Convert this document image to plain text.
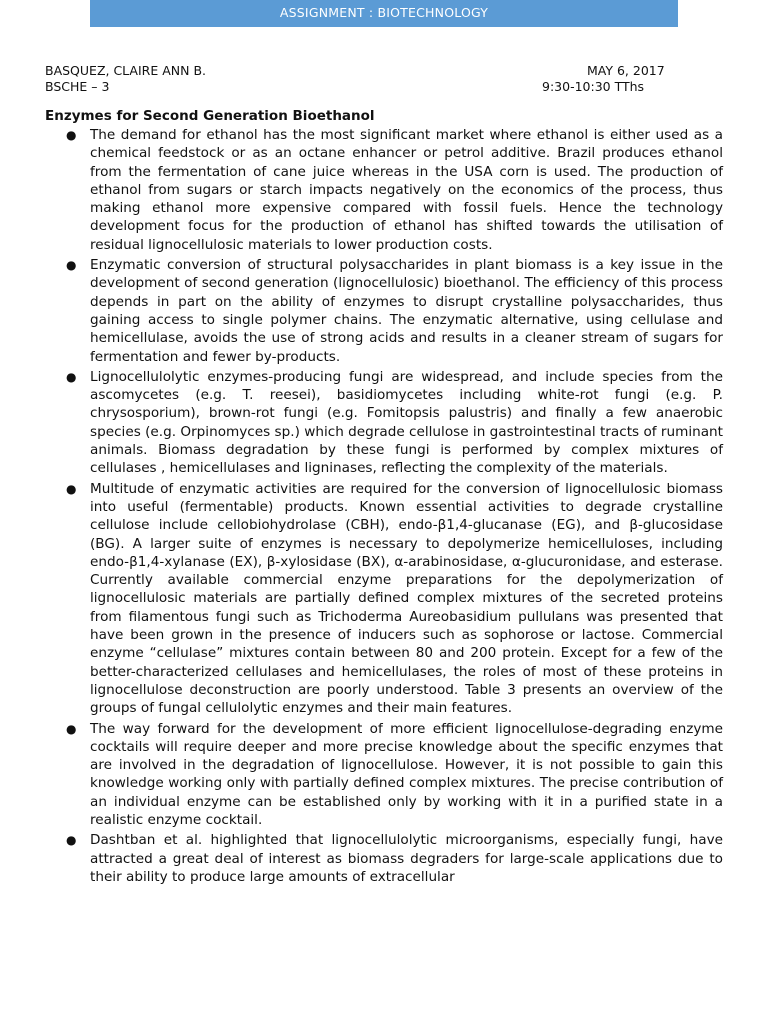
ASSIGNMENT : BIOTECHNOLOGY
BASQUEZ, CLAIRE ANN B.	MAY 6, 2017
BSCHE – 3	9:30-10:30 TThs
Enzymes for Second Generation Bioethanol
● The demand for ethanol has the most significant market where ethanol is either used as a chemical feedstock or as an octane enhancer or petrol additive. Brazil produces ethanol from the fermentation of cane juice whereas in the USA corn is used. The production of ethanol from sugars or starch impacts negatively on the economics of the process, thus making ethanol more expensive compared with fossil fuels. Hence the technology development focus for the production of ethanol has shifted towards the utilisation of residual lignocellulosic materials to lower production costs.
● Enzymatic conversion of structural polysaccharides in plant biomass is a key issue in the development of second generation (lignocellulosic) bioethanol. The efficiency of this process depends in part on the ability of enzymes to disrupt crystalline polysaccharides, thus gaining access to single polymer chains. The enzymatic alternative, using cellulase and hemicellulase, avoids the use of strong acids and results in a cleaner stream of sugars for fermentation and fewer by-products.
● Lignocellulolytic enzymes-producing fungi are widespread, and include species from the ascomycetes (e.g. T. reesei), basidiomycetes including white-rot fungi (e.g. P. chrysosporium), brown-rot fungi (e.g. Fomitopsis palustris) and finally a few anaerobic species (e.g. Orpinomyces sp.) which degrade cellulose in gastrointestinal tracts of ruminant animals. Biomass degradation by these fungi is performed by complex mixtures of cellulases , hemicellulases and ligninases, reflecting the complexity of the materials.
● Multitude of enzymatic activities are required for the conversion of lignocellulosic biomass into useful (fermentable) products. Known essential activities to degrade crystalline cellulose include cellobiohydrolase (CBH), endo-β1,4-glucanase (EG), and β-glucosidase (BG). A larger suite of enzymes is necessary to depolymerize hemicelluloses, including endo-β1,4-xylanase (EX), β-xylosidase (BX), α-arabinosidase, α-glucuronidase, and esterase. Currently available commercial enzyme preparations for the depolymerization of lignocellulosic materials are partially defined complex mixtures of the secreted proteins from filamentous fungi such as Trichoderma Aureobasidium pullulans was presented that have been grown in the presence of inducers such as sophorose or lactose. Commercial enzyme “cellulase” mixtures contain between 80 and 200 protein. Except for a few of the better-characterized cellulases and hemicellulases, the roles of most of these proteins in lignocellulose deconstruction are poorly understood. Table 3 presents an overview of the groups of fungal cellulolytic enzymes and their main features.
● The way forward for the development of more efficient lignocellulose-degrading enzyme cocktails will require deeper and more precise knowledge about the specific enzymes that are involved in the degradation of lignocellulose. However, it is not possible to gain this knowledge working only with partially defined complex mixtures. The precise contribution of an individual enzyme can be established only by working with it in a purified state in a realistic enzyme cocktail.
● Dashtban et al. highlighted that lignocellulolytic microorganisms, especially fungi, have attracted a great deal of interest as biomass degraders for large-scale applications due to their ability to produce large amounts of extracellular
